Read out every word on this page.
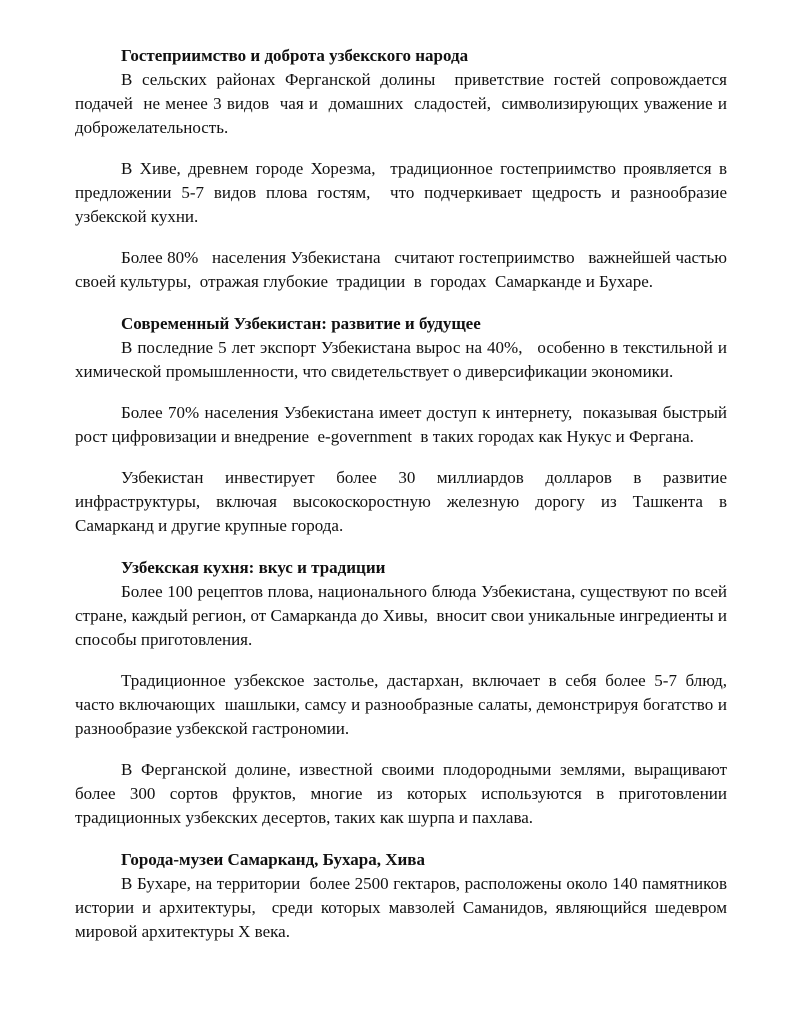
Гостеприимство и доброта узбекского народа

В сельских районах Ферганской долины  приветствие гостей сопровождается подачей  не менее 3 видов  чая и  домашних  сладостей,  символизирующих уважение и  доброжелательность.

В Хиве, древнем городе Хорезма,  традиционное гостеприимство проявляется в  предложении 5-7 видов плова гостям,  что подчеркивает щедрость и разнообразие узбекской кухни.

Более 80%   населения Узбекистана   считают гостеприимство   важнейшей частью своей культуры,  отражая глубокие  традиции  в  городах  Самарканде и Бухаре.

Современный Узбекистан: развитие и будущее

В последние 5 лет экспорт Узбекистана вырос на 40%,   особенно в текстильной и химической промышленности, что свидетельствует о диверсификации экономики.

Более 70% населения Узбекистана имеет доступ к интернету,  показывая быстрый рост цифровизации и внедрение  e-government  в таких городах как Нукус и Фергана.

Узбекистан инвестирует более 30 миллиардов долларов в развитие инфраструктуры, включая высокоскоростную железную дорогу из Ташкента в Самарканд и другие крупные города.

Узбекская кухня: вкус и традиции

Более 100 рецептов плова, национального блюда Узбекистана, существуют по всей стране, каждый регион, от Самарканда до Хивы,  вносит свои уникальные ингредиенты и способы приготовления.

Традиционное узбекское застолье, дастархан, включает в себя более 5-7 блюд,  часто включающих  шашлыки, самсу и разнообразные салаты, демонстрируя богатство и разнообразие узбекской гастрономии.

В Ферганской долине, известной своими плодородными землями, выращивают более 300 сортов фруктов, многие из которых используются в приготовлении традиционных узбекских десертов, таких как шурпа и пахлава.

Города-музеи Самарканд, Бухара, Хива

В Бухаре, на территории  более 2500 гектаров, расположены около 140 памятников истории и архитектуры,  среди которых мавзолей Саманидов, являющийся шедевром мировой архитектуры X века.
